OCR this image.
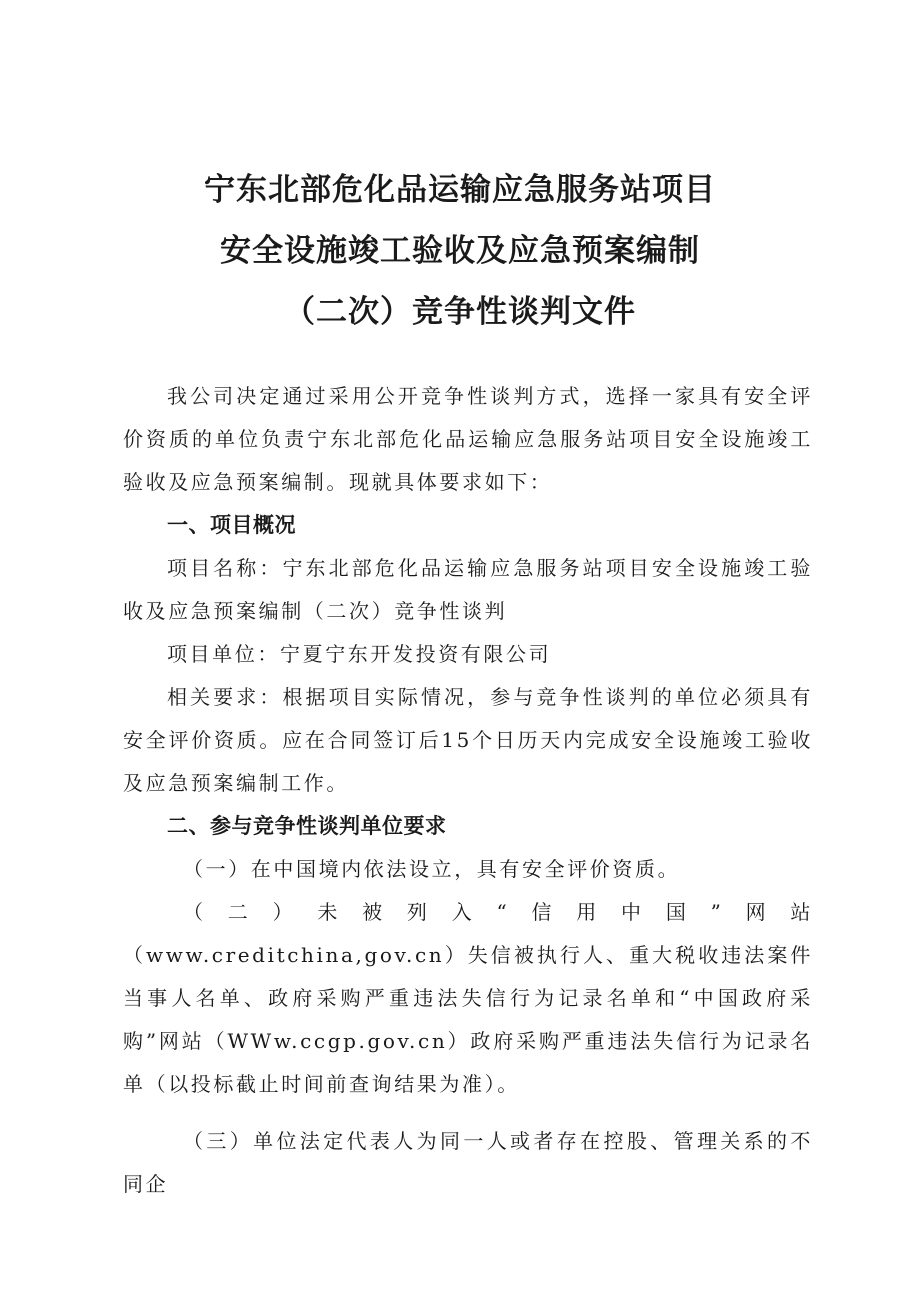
宁东北部危化品运输应急服务站项目
安全设施竣工验收及应急预案编制
（二次）竞争性谈判文件

我公司决定通过采用公开竞争性谈判方式，选择一家具有安全评价资质的单位负责宁东北部危化品运输应急服务站项目安全设施竣工验收及应急预案编制。现就具体要求如下：

一、项目概况

项目名称：宁东北部危化品运输应急服务站项目安全设施竣工验收及应急预案编制（二次）竞争性谈判

项目单位：宁夏宁东开发投资有限公司

相关要求：根据项目实际情况，参与竞争性谈判的单位必须具有安全评价资质。应在合同签订后15个日历天内完成安全设施竣工验收及应急预案编制工作。

二、参与竞争性谈判单位要求

（一）在中国境内依法设立，具有安全评价资质。

（二）未被列入“信用中国”网站（www.creditchina,gov.cn）失信被执行人、重大税收违法案件当事人名单、政府采购严重违法失信行为记录名单和“中国政府采购”网站（WWw.ccgp.gov.cn）政府采购严重违法失信行为记录名单（以投标截止时间前查询结果为准）。

（三）单位法定代表人为同一人或者存在控股、管理关系的不同企
